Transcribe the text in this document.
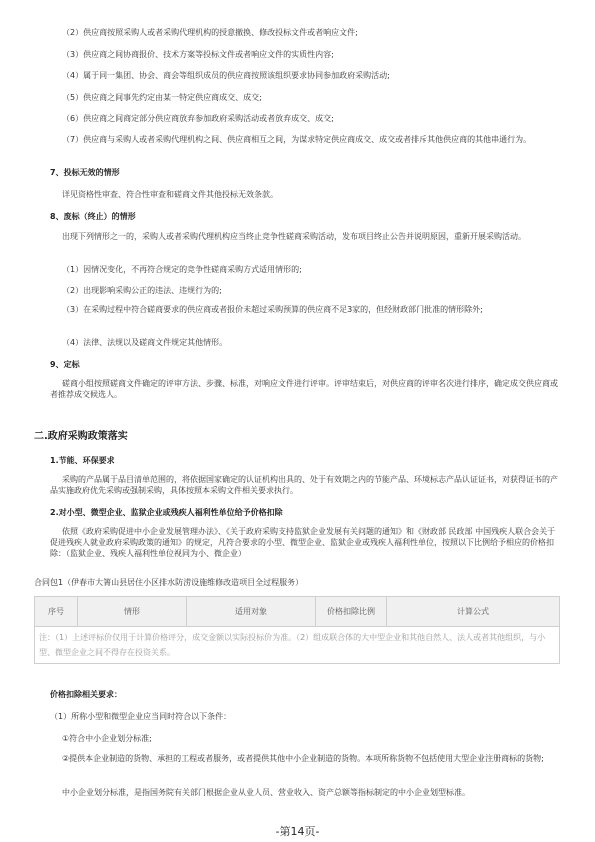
（2）供应商按照采购人或者采购代理机构的授意撤换、修改投标文件或者响应文件;
（3）供应商之间协商报价、技术方案等投标文件或者响应文件的实质性内容;
（4）属于同一集团、协会、商会等组织成员的供应商按照该组织要求协同参加政府采购活动;
（5）供应商之间事先约定由某一特定供应商成交、成交;
（6）供应商之间商定部分供应商放弃参加政府采购活动或者放弃成交、成交;
（7）供应商与采购人或者采购代理机构之间、供应商相互之间，为谋求特定供应商成交、成交或者排斥其他供应商的其他串通行为。
7、投标无效的情形
详见资格性审查、符合性审查和磋商文件其他投标无效条款。
8、废标（终止）的情形
出现下列情形之一的，采购人或者采购代理机构应当终止竞争性磋商采购活动，发布项目终止公告并说明原因，重新开展采购活动。
（1）因情况变化，不再符合规定的竞争性磋商采购方式适用情形的;
（2）出现影响采购公正的违法、违规行为的;
（3）在采购过程中符合磋商要求的供应商或者报价未超过采购预算的供应商不足3家的，但经财政部门批准的情形除外;
（4）法律、法规以及磋商文件规定其他情形。
9、定标
磋商小组按照磋商文件确定的评审方法、步骤、标准，对响应文件进行评审。评审结束后，对供应商的评审名次进行排序，确定成交供应商或者推荐成交候选人。
二.政府采购政策落实
1.节能、环保要求
采购的产品属于品目清单范围的，将依据国家确定的认证机构出具的、处于有效期之内的节能产品、环境标志产品认证证书，对获得证书的产品实施政府优先采购或强制采购，具体按照本采购文件相关要求执行。
2.对小型、微型企业、监狱企业或残疾人福利性单位给予价格扣除
依照《政府采购促进中小企业发展管理办法》、《关于政府采购支持监狱企业发展有关问题的通知》和《财政部 民政部 中国残疾人联合会关于促进残疾人就业政府采购政策的通知》的规定，凡符合要求的小型、微型企业、监狱企业或残疾人福利性单位，按照以下比例给予相应的价格扣除：（监狱企业、残疾人福利性单位视同为小、微企业）
合同包1（伊春市大箐山县居住小区排水防涝设施维修改造项目全过程服务）
序号	情形	适用对象	价格扣除比例	计算公式
注：（1）上述评标价仅用于计算价格评分，成交金额以实际投标价为准。（2）组成联合体的大中型企业和其他自然人、法人或者其他组织，与小型、微型企业之间不得存在投资关系。
价格扣除相关要求：
（1）所称小型和微型企业应当同时符合以下条件：
①符合中小企业划分标准;
②提供本企业制造的货物、承担的工程或者服务，或者提供其他中小企业制造的货物。本项所称货物不包括使用大型企业注册商标的货物;
中小企业划分标准，是指国务院有关部门根据企业从业人员、营业收入、资产总额等指标制定的中小企业划型标准。
-第14页-
